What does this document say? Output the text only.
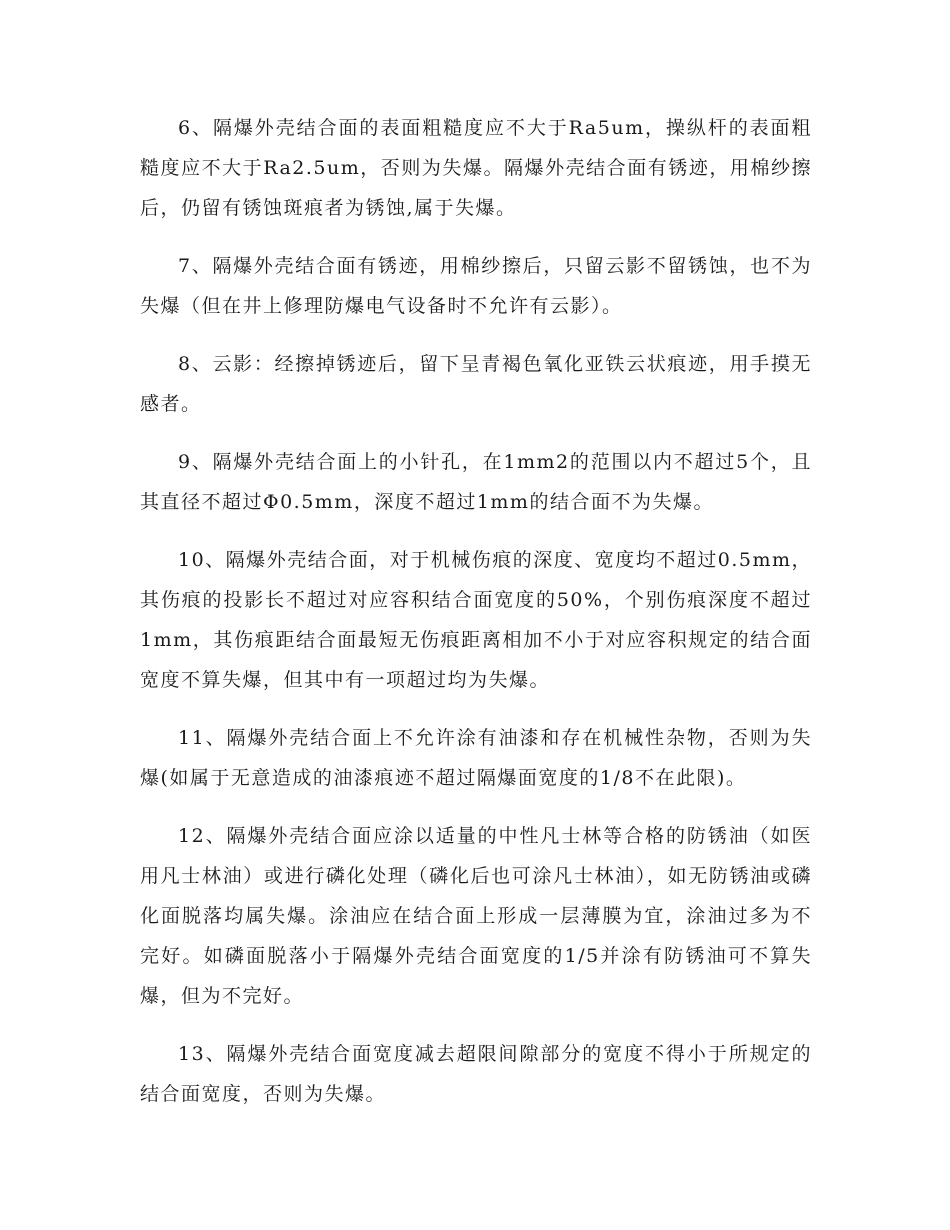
6、隔爆外壳结合面的表面粗糙度应不大于Ra5um，操纵杆的表面粗糙度应不大于Ra2.5um，否则为失爆。隔爆外壳结合面有锈迹，用棉纱擦后，仍留有锈蚀斑痕者为锈蚀,属于失爆。

7、隔爆外壳结合面有锈迹，用棉纱擦后，只留云影不留锈蚀，也不为失爆（但在井上修理防爆电气设备时不允许有云影）。

8、云影：经擦掉锈迹后，留下呈青褐色氧化亚铁云状痕迹，用手摸无感者。

9、隔爆外壳结合面上的小针孔，在1mm2的范围以内不超过5个，且其直径不超过Φ0.5mm，深度不超过1mm的结合面不为失爆。

10、隔爆外壳结合面，对于机械伤痕的深度、宽度均不超过0.5mm，其伤痕的投影长不超过对应容积结合面宽度的50%，个别伤痕深度不超过1mm，其伤痕距结合面最短无伤痕距离相加不小于对应容积规定的结合面宽度不算失爆，但其中有一项超过均为失爆。

11、隔爆外壳结合面上不允许涂有油漆和存在机械性杂物，否则为失爆(如属于无意造成的油漆痕迹不超过隔爆面宽度的1/8不在此限)。

12、隔爆外壳结合面应涂以适量的中性凡士林等合格的防锈油（如医用凡士林油）或进行磷化处理（磷化后也可涂凡士林油），如无防锈油或磷化面脱落均属失爆。涂油应在结合面上形成一层薄膜为宜，涂油过多为不完好。如磷面脱落小于隔爆外壳结合面宽度的1/5并涂有防锈油可不算失爆，但为不完好。

13、隔爆外壳结合面宽度减去超限间隙部分的宽度不得小于所规定的结合面宽度，否则为失爆。
